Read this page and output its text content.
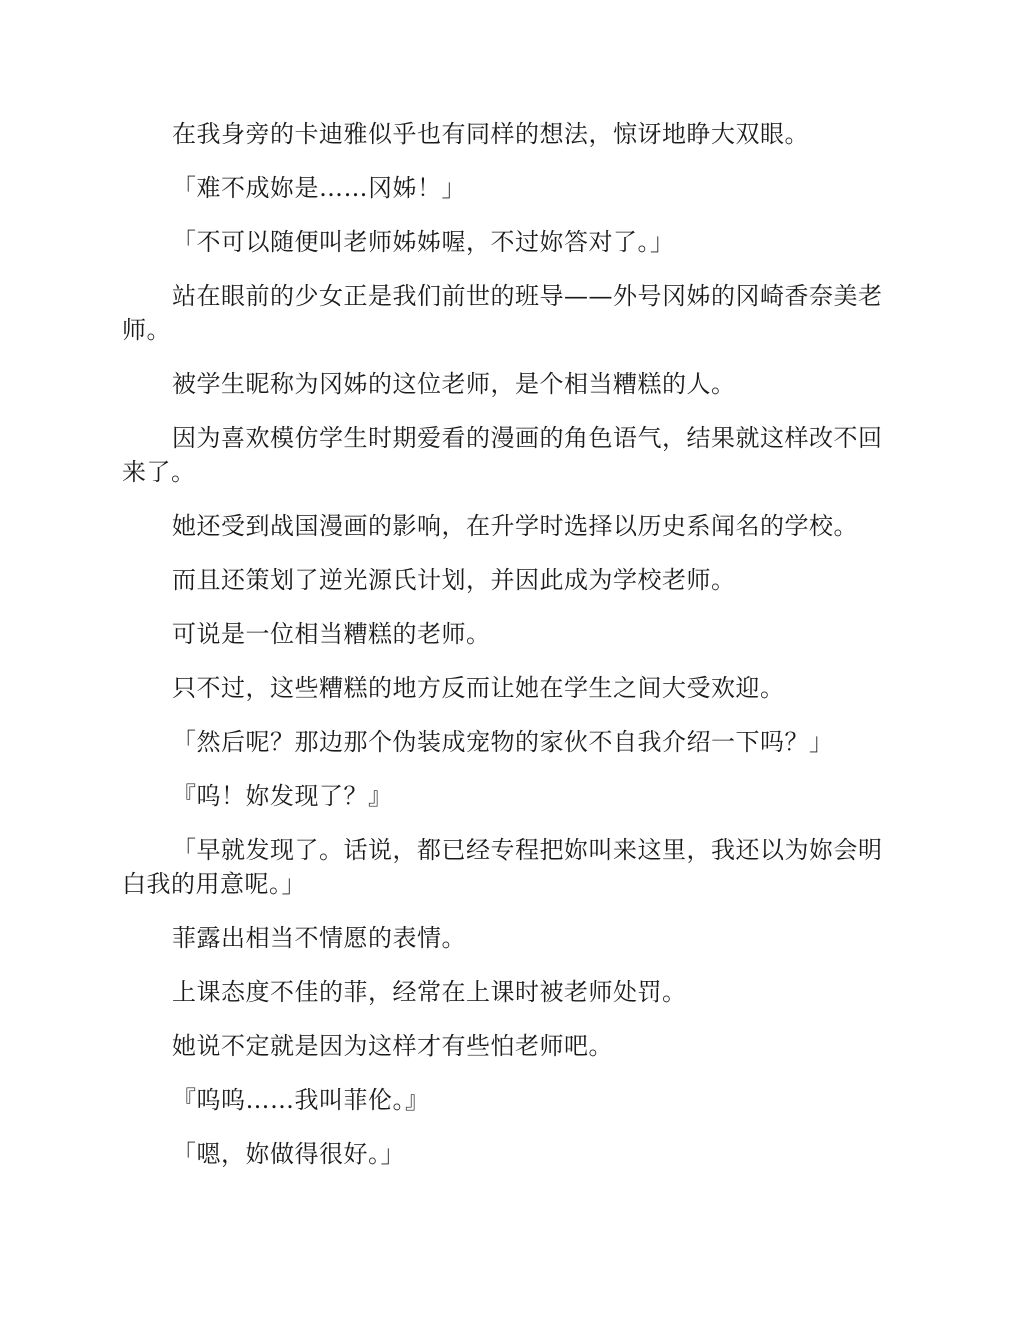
在我身旁的卡迪雅似乎也有同样的想法，惊讶地睁大双眼。

「难不成妳是……冈姊！」

「不可以随便叫老师姊姊喔，不过妳答对了。」

站在眼前的少女正是我们前世的班导——外号冈姊的冈崎香奈美老师。

被学生昵称为冈姊的这位老师，是个相当糟糕的人。

因为喜欢模仿学生时期爱看的漫画的角色语气，结果就这样改不回来了。

她还受到战国漫画的影响，在升学时选择以历史系闻名的学校。

而且还策划了逆光源氏计划，并因此成为学校老师。

可说是一位相当糟糕的老师。

只不过，这些糟糕的地方反而让她在学生之间大受欢迎。

「然后呢？那边那个伪装成宠物的家伙不自我介绍一下吗？」

『呜！妳发现了？』

「早就发现了。话说，都已经专程把妳叫来这里，我还以为妳会明白我的用意呢。」

菲露出相当不情愿的表情。

上课态度不佳的菲，经常在上课时被老师处罚。

她说不定就是因为这样才有些怕老师吧。

『呜呜……我叫菲伦。』

「嗯，妳做得很好。」
